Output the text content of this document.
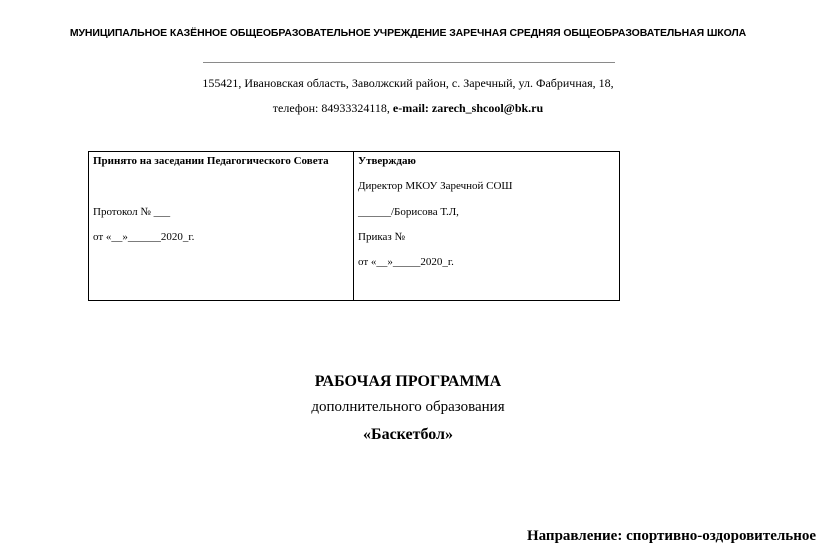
МУНИЦИПАЛЬНОЕ КАЗЁННОЕ ОБЩЕОБРАЗОВАТЕЛЬНОЕ УЧРЕЖДЕНИЕ ЗАРЕЧНАЯ СРЕДНЯЯ ОБЩЕОБРАЗОВАТЕЛЬНАЯ ШКОЛА
155421, Ивановская область, Заволжский район, с. Заречный, ул. Фабричная, 18,
телефон: 84933324118, e-mail: zarech_shcool@bk.ru
Принято на заседании Педагогического Совета
Протокол № ___
от «__»______2020_г.
Утверждаю
Директор МКОУ Заречной СОШ
______/Борисова Т.Л,
Приказ №
от «__»_____2020_г.
РАБОЧАЯ ПРОГРАММА
дополнительного образования
«Баскетбол»
Направление: спортивно-оздоровительное
